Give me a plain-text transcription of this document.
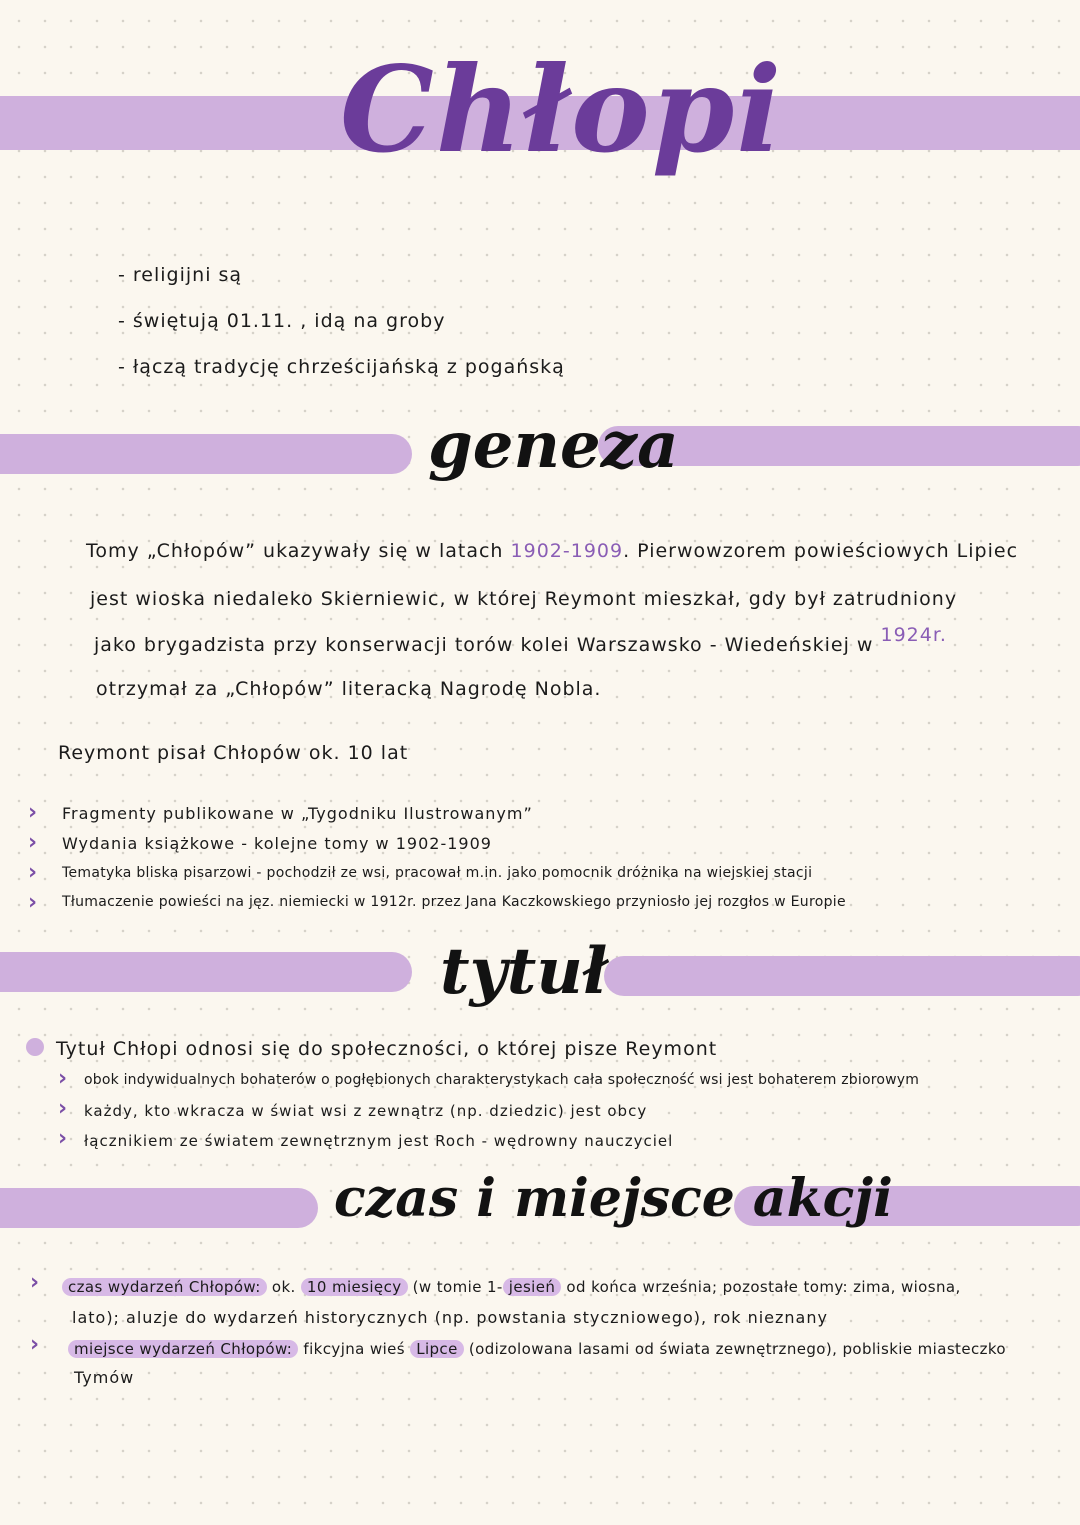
Chłopi
- religijni są
- świętują 01.11. , idą na groby
- łączą tradycję chrześcijańską z pogańską
geneza
Tomy „Chłopów” ukazywały się w latach 1902-1909. Pierwowzorem powieściowych Lipiec
jest wioska niedaleko Skierniewic, w której Reymont mieszkał, gdy był zatrudniony
jako brygadzista przy konserwacji torów kolei Warszawsko - Wiedeńskiej w 1924r.
otrzymał za „Chłopów” literacką Nagrodę Nobla.
Reymont pisał Chłopów ok. 10 lat
› Fragmenty publikowane w „Tygodniku Ilustrowanym”
› Wydania książkowe - kolejne tomy w 1902-1909
› Tematyka bliska pisarzowi - pochodził ze wsi, pracował m.in. jako pomocnik dróżnika na wiejskiej stacji
› Tłumaczenie powieści na jęz. niemiecki w 1912r. przez Jana Kaczkowskiego przyniosło jej rozgłos w Europie
tytuł
Tytuł Chłopi odnosi się do społeczności, o której pisze Reymont
› obok indywidualnych bohaterów o pogłębionych charakterystykach cała społeczność wsi jest bohaterem zbiorowym
› każdy, kto wkracza w świat wsi z zewnątrz (np. dziedzic) jest obcy
› łącznikiem ze światem zewnętrznym jest Roch - wędrowny nauczyciel
czas i miejsce akcji
›	czas wydarzeń Chłopów: ok. 10 miesięcy (w tomie 1- jesień od końca września; pozostałe tomy: zima, wiosna,
lato); aluzje do wydarzeń historycznych (np. powstania styczniowego), rok nieznany
›	miejsce wydarzeń Chłopów: fikcyjna wieś Lipce (odizolowana lasami od świata zewnętrznego), pobliskie miasteczko
Tymów
